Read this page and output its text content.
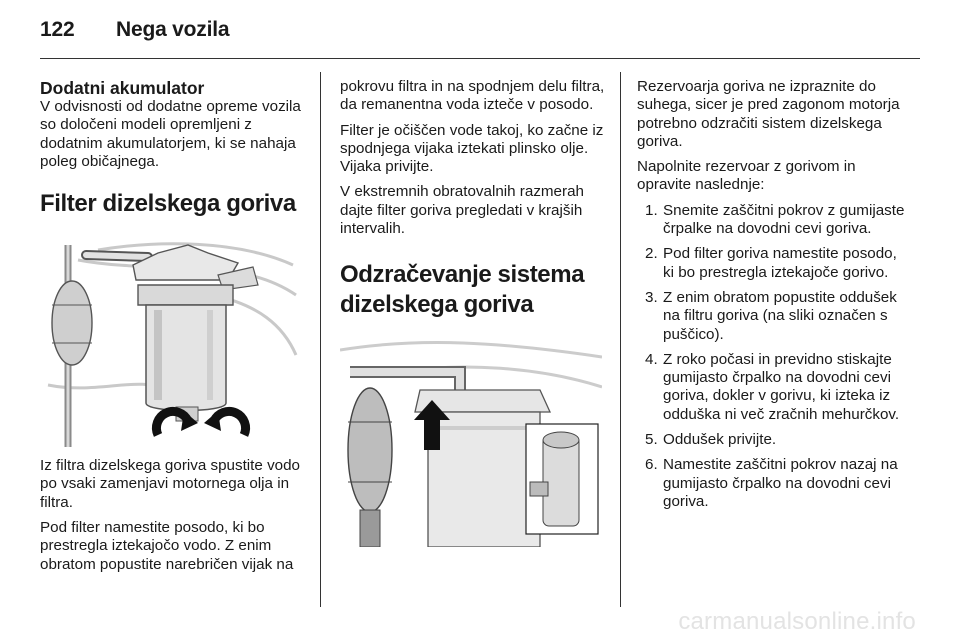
122 Nega vozila
Dodatni akumulator

V odvisnosti od dodatne opreme vozila so določeni modeli opremljeni z dodatnim akumulatorjem, ki se nahaja poleg običajnega.

Filter dizelskega goriva

Iz filtra dizelskega goriva spustite vodo po vsaki zamenjavi motornega olja in filtra.

Pod filter namestite posodo, ki bo prestregla iztekajočo vodo. Z enim obratom popustite narebričen vijak na

pokrovu filtra in na spodnjem delu filtra, da remanentna voda izteče v posodo.

Filter je očiščen vode takoj, ko začne iz spodnjega vijaka iztekati plinsko olje. Vijaka privijte.

V ekstremnih obratovalnih razmerah dajte filter goriva pregledati v krajših intervalih.

Odzračevanje sistema dizelskega goriva

Rezervoarja goriva ne izpraznite do suhega, sicer je pred zagonom motorja potrebno odzračiti sistem dizelskega goriva.

Napolnite rezervoar z gorivom in opravite naslednje:

1. Snemite zaščitni pokrov z gumijaste črpalke na dovodni cevi goriva.
2. Pod filter goriva namestite posodo, ki bo prestregla iztekajoče gorivo.
3. Z enim obratom popustite oddušek na filtru goriva (na sliki označen s puščico).
4. Z roko počasi in previdno stiskajte gumijasto črpalko na dovodni cevi goriva, dokler v gorivu, ki izteka iz odduška ni več zračnih mehurčkov.
5. Oddušek privijte.
6. Namestite zaščitni pokrov nazaj na gumijasto črpalko na dovodni cevi goriva.
carmanualsonline.info
